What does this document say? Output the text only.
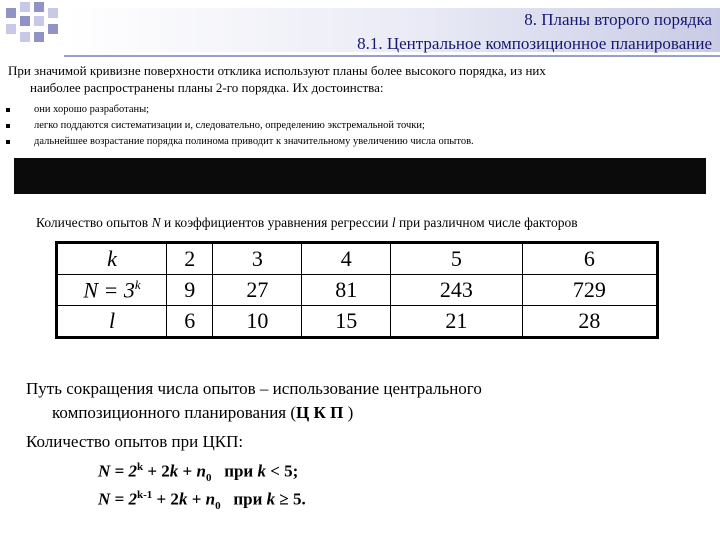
8. Планы второго порядка
8.1. Центральное композиционное планирование
При значимой кривизне поверхности отклика используют планы более высокого порядка, из них
наиболее распространены планы 2-го порядка. Их достоинства:
они хорошо разработаны;
легко поддаются систематизации и, следовательно, определению экстремальной точки;
дальнейшее возрастание порядка полинома приводит к значительному увеличению числа опытов.
Количество опытов N и коэффициентов уравнения регрессии l при различном числе факторов
k	2	3	4	5	6
$N = 3^k$	9	27	81	243	729
l	6	10	15	21	28
Путь сокращения числа опытов – использование центрального
композиционного планирования (Ц К П )
Количество опытов при ЦКП:
$N = 2^k + 2k + n_0$   при k < 5;
$N = 2^{k-1} + 2k + n_0$   при k ≥ 5.
